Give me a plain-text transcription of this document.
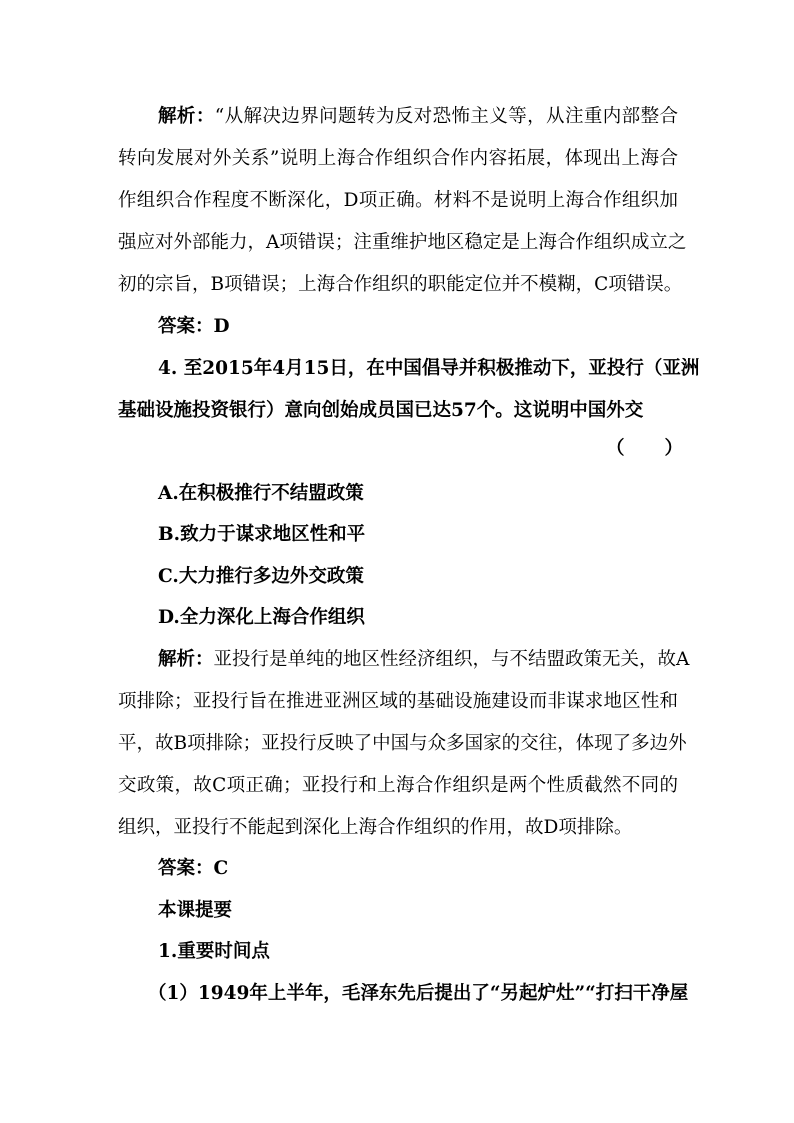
解析：“从解决边界问题转为反对恐怖主义等，从注重内部整合
转向发展对外关系”说明上海合作组织合作内容拓展，体现出上海合
作组织合作程度不断深化，D项正确。材料不是说明上海合作组织加
强应对外部能力，A项错误；注重维护地区稳定是上海合作组织成立之
初的宗旨，B项错误；上海合作组织的职能定位并不模糊，C项错误。
答案：D
4. 至2015年4月15日，在中国倡导并积极推动下，亚投行（亚洲
基础设施投资银行）意向创始成员国已达57个。这说明中国外交
（ ）
A.在积极推行不结盟政策
B.致力于谋求地区性和平
C.大力推行多边外交政策
D.全力深化上海合作组织
解析：亚投行是单纯的地区性经济组织，与不结盟政策无关，故A
项排除；亚投行旨在推进亚洲区域的基础设施建设而非谋求地区性和
平，故B项排除；亚投行反映了中国与众多国家的交往，体现了多边外
交政策，故C项正确；亚投行和上海合作组织是两个性质截然不同的
组织，亚投行不能起到深化上海合作组织的作用，故D项排除。
答案：C
本课提要
1.重要时间点
（1）1949年上半年，毛泽东先后提出了“另起炉灶”“打扫干净屋
